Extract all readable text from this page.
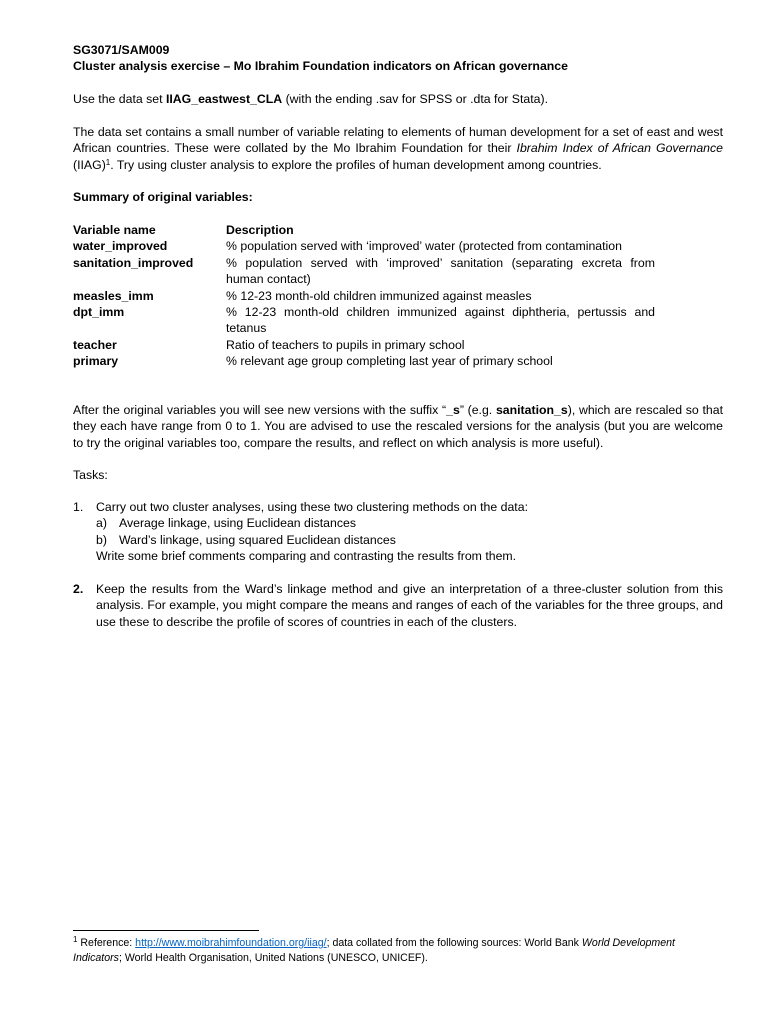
SG3071/SAM009

Cluster analysis exercise – Mo Ibrahim Foundation indicators on African governance

Use the data set IIAG_eastwest_CLA (with the ending .sav for SPSS or .dta for Stata).

The data set contains a small number of variable relating to elements of human development for a set of east and west African countries. These were collated by the Mo Ibrahim Foundation for their Ibrahim Index of African Governance (IIAG)$^1$. Try using cluster analysis to explore the profiles of human development among countries.

Summary of original variables:

Variable name	Description
water_improved	% population served with ‘improved’ water (protected from contamination
sanitation_improved	% population served with ‘improved’ sanitation (separating excreta from human contact)
measles_imm	% 12-23 month-old children immunized against measles
dpt_imm	% 12-23 month-old children immunized against diphtheria, pertussis and tetanus
teacher	Ratio of teachers to pupils in primary school
primary	% relevant age group completing last year of primary school

After the original variables you will see new versions with the suffix “_s” (e.g. sanitation_s), which are rescaled so that they each have range from 0 to 1. You are advised to use the rescaled versions for the analysis (but you are welcome to try the original variables too, compare the results, and reflect on which analysis is more useful).

Tasks:

1. Carry out two cluster analyses, using these two clustering methods on the data:

a) Average linkage, using Euclidean distances

b) Ward’s linkage, using squared Euclidean distances

Write some brief comments comparing and contrasting the results from them.

2. Keep the results from the Ward’s linkage method and give an interpretation of a three-cluster solution from this analysis. For example, you might compare the means and ranges of each of the variables for the three groups, and use these to describe the profile of scores of countries in each of the clusters.

$^1$ Reference: http://www.moibrahimfoundation.org/iiag/; data collated from the following sources: World Bank World Development Indicators; World Health Organisation, United Nations (UNESCO, UNICEF).
